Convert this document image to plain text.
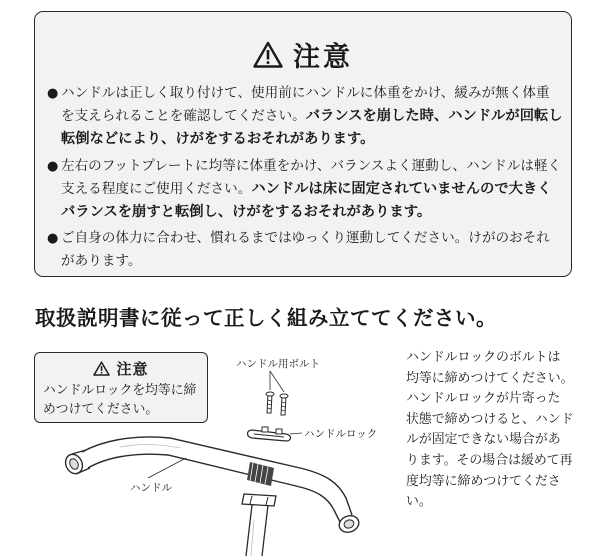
注意
● ハンドルは正しく取り付けて、使用前にハンドルに体重をかけ、緩みが無く体重を支えられることを確認してください。バランスを崩した時、ハンドルが回転し転倒などにより、けがをするおそれがあります。
● 左右のフットプレートに均等に体重をかけ、バランスよく運動し、ハンドルは軽く支える程度にご使用ください。ハンドルは床に固定されていませんので大きくバランスを崩すと転倒し、けがをするおそれがあります。
● ご自身の体力に合わせ、慣れるまではゆっくり運動してください。けがのおそれがあります。
取扱説明書に従って正しく組み立ててください。
ハンドル用ボルト
ハンドルロック
ハンドル
注意
ハンドルロックを均等に締めつけてください。

ハンドルロックのボルトは
均等に締めつけてください。
ハンドルロックが片寄った
状態で締めつけると、ハンド
ルが固定できない場合があ
ります。その場合は緩めて再
度均等に締めつけてくださ
い。
